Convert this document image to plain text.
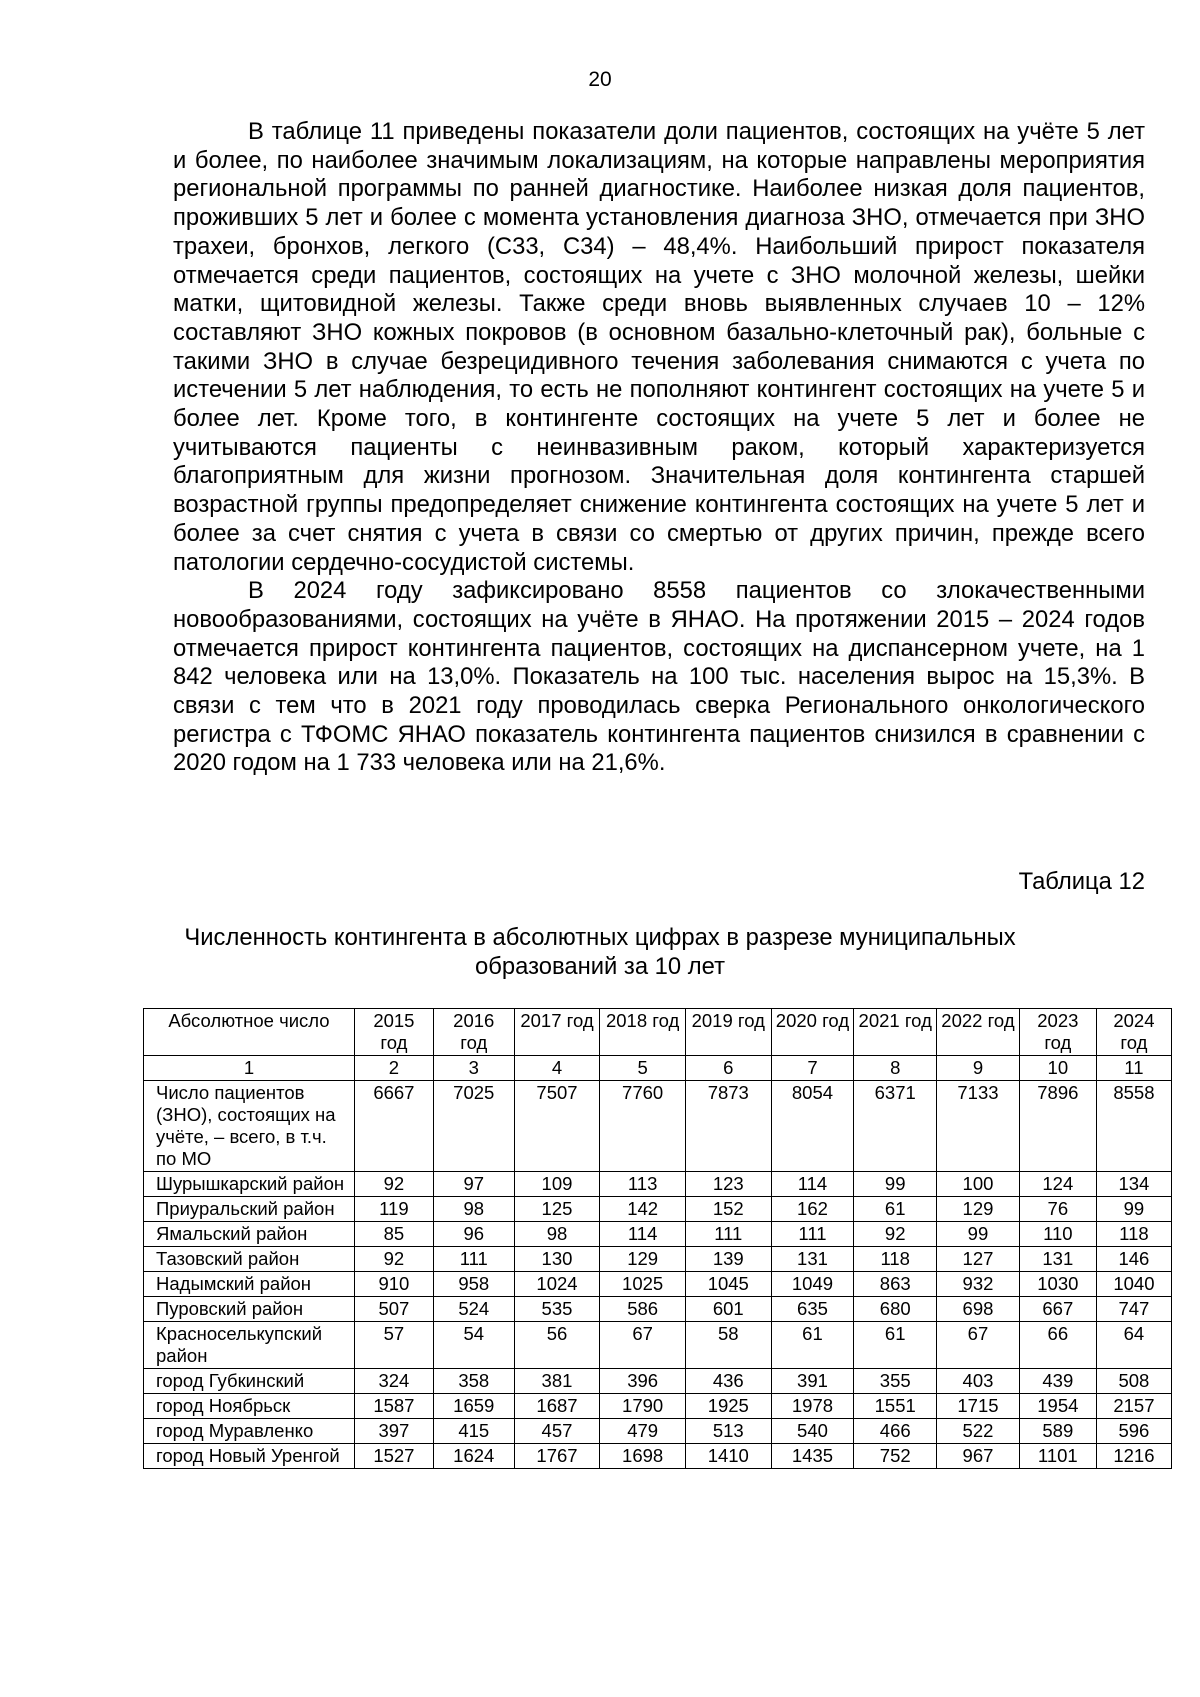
20

В таблице 11 приведены показатели доли пациентов, состоящих на учёте 5 лет и более, по наиболее значимым локализациям, на которые направлены мероприятия региональной программы по ранней диагностике. Наиболее низкая доля пациентов, проживших 5 лет и более с момента установления диагноза ЗНО, отмечается при ЗНО трахеи, бронхов, легкого (С33, С34) – 48,4%. Наибольший прирост показателя отмечается среди пациентов, состоящих на учете с ЗНО молочной железы, шейки матки, щитовидной железы. Также среди вновь выявленных случаев 10 – 12% составляют ЗНО кожных покровов (в основном базально-клеточный рак), больные с такими ЗНО в случае безрецидивного течения заболевания снимаются с учета по истечении 5 лет наблюдения, то есть не пополняют контингент состоящих на учете 5 и более лет. Кроме того, в контингенте состоящих на учете 5 лет и более не учитываются пациенты с неинвазивным раком, который характеризуется благоприятным для жизни прогнозом. Значительная доля контингента старшей возрастной группы предопределяет снижение контингента состоящих на учете 5 лет и более за счет снятия с учета в связи со смертью от других причин, прежде всего патологии сердечно-сосудистой системы.

В 2024 году зафиксировано 8558 пациентов со злокачественными новообразованиями, состоящих на учёте в ЯНАО. На протяжении 2015 – 2024 годов отмечается прирост контингента пациентов, состоящих на диспансерном учете, на 1 842 человека или на 13,0%. Показатель на 100 тыс. населения вырос на 15,3%. В связи с тем что в 2021 году проводилась сверка Регионального онкологического регистра с ТФОМС ЯНАО показатель контингента пациентов снизился в сравнении с 2020 годом на 1 733 человека или на 21,6%.

Таблица 12
Численность контингента в абсолютных цифрах в разрезе муниципальных образований за 10 лет
Абсолютное число	2015 год	2016 год	2017 год	2018 год	2019 год	2020 год	2021 год	2022 год	2023 год	2024 год
1	2	3	4	5	6	7	8	9	10	11
Число пациентов (ЗНО), состоящих на учёте, – всего, в т.ч. по МО	6667	7025	7507	7760	7873	8054	6371	7133	7896	8558
Шурышкарский район	92	97	109	113	123	114	99	100	124	134
Приуральский район	119	98	125	142	152	162	61	129	76	99
Ямальский район	85	96	98	114	111	111	92	99	110	118
Тазовский район	92	111	130	129	139	131	118	127	131	146
Надымский район	910	958	1024	1025	1045	1049	863	932	1030	1040
Пуровский район	507	524	535	586	601	635	680	698	667	747
Красноселькупский район	57	54	56	67	58	61	61	67	66	64
город Губкинский	324	358	381	396	436	391	355	403	439	508
город Ноябрьск	1587	1659	1687	1790	1925	1978	1551	1715	1954	2157
город Муравленко	397	415	457	479	513	540	466	522	589	596
город Новый Уренгой	1527	1624	1767	1698	1410	1435	752	967	1101	1216
